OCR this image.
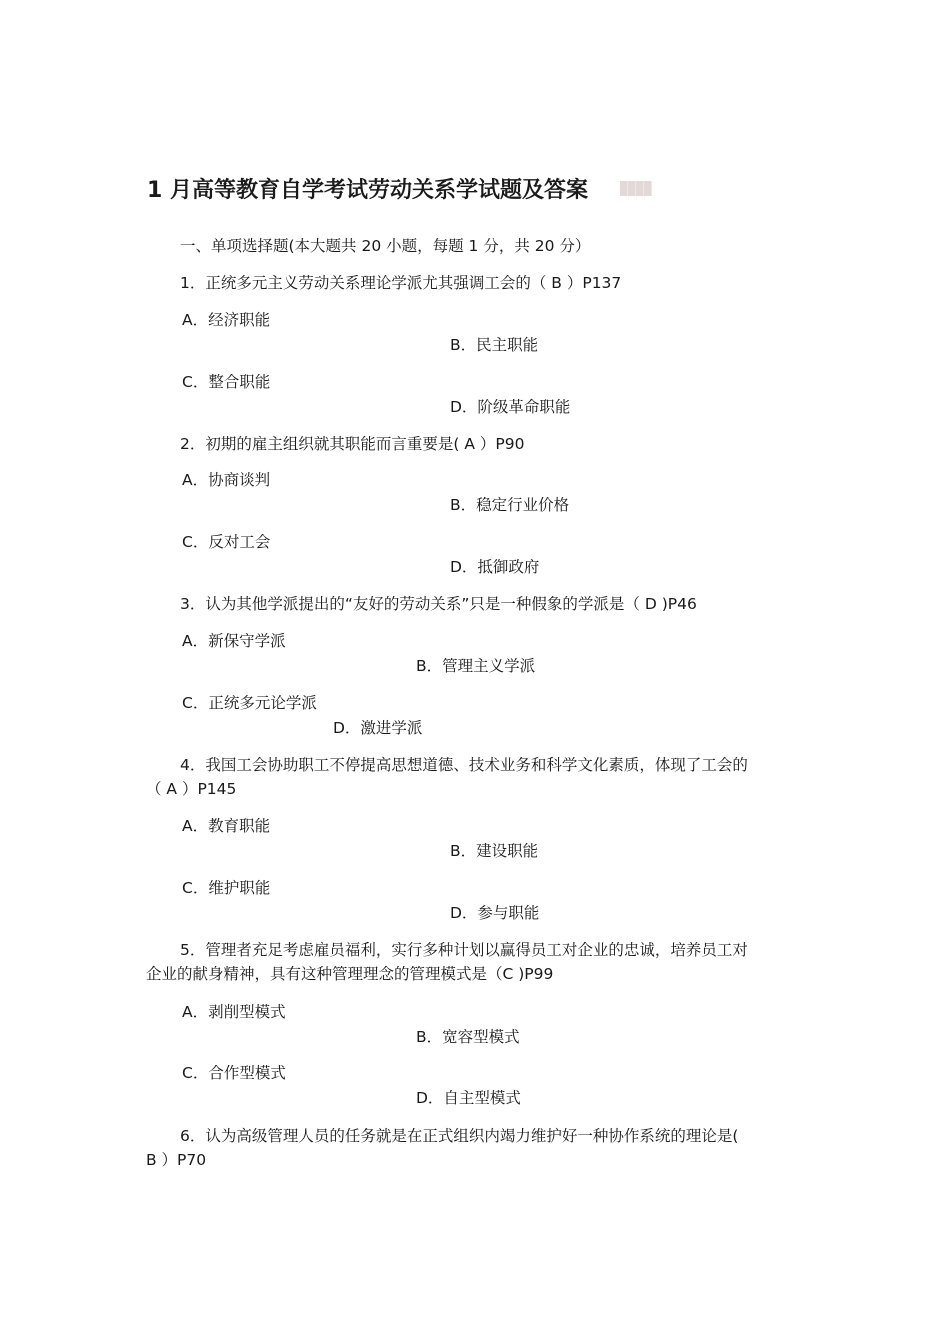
1 月高等教育自学考试劳动关系学试题及答案
一、单项选择题(本大题共 20 小题，每题 1 分，共 20 分）
1．正统多元主义劳动关系理论学派尤其强调工会的（ B ）P137
A．经济职能
B．民主职能
C．整合职能
D．阶级革命职能
2．初期的雇主组织就其职能而言重要是( A ）P90
A．协商谈判
B．稳定行业价格
C．反对工会
D．抵御政府
3．认为其他学派提出的“友好的劳动关系”只是一种假象的学派是（ D )P46
A．新保守学派
B．管理主义学派
C．正统多元论学派
D．激进学派
4．我国工会协助职工不停提高思想道德、技术业务和科学文化素质，体现了工会的
（ A ）P145
A．教育职能
B．建设职能
C．维护职能
D．参与职能
5．管理者充足考虑雇员福利，实行多种计划以赢得员工对企业的忠诚，培养员工对
企业的献身精神，具有这种管理理念的管理模式是（C )P99
A．剥削型模式
B．宽容型模式
C．合作型模式
D．自主型模式
6．认为高级管理人员的任务就是在正式组织内竭力维护好一种协作系统的理论是(
B ）P70
